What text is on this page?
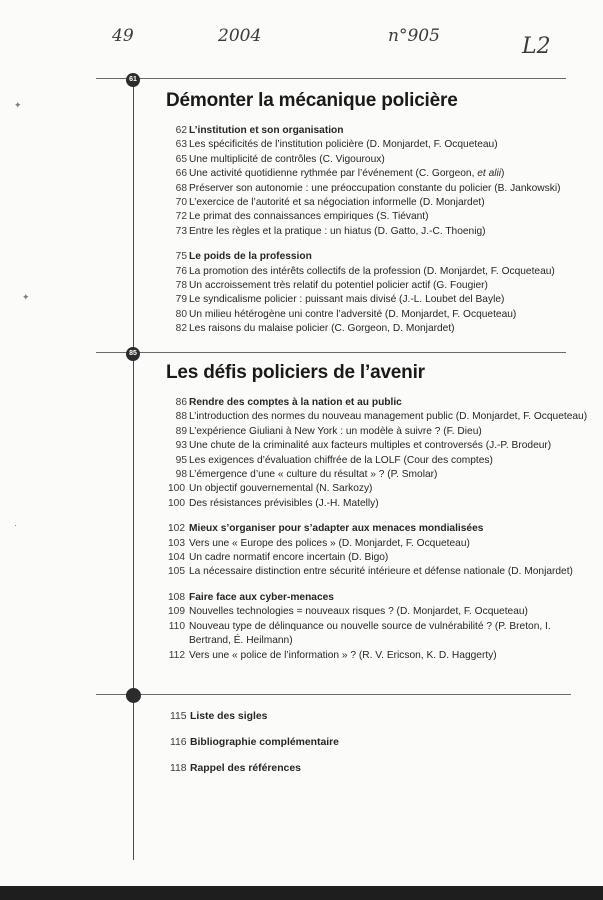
49	2004	n°905	L2
61
85
✦
✦
·
Démonter la mécanique policière
62 L’institution et son organisation
63 Les spécificités de l’institution policière (D. Monjardet, F. Ocqueteau)
65 Une multiplicité de contrôles (C. Vigouroux)
66 Une activité quotidienne rythmée par l’événement (C. Gorgeon, et alii)
68 Préserver son autonomie : une préoccupation constante du policier (B. Jankowski)
70 L’exercice de l’autorité et sa négociation informelle (D. Monjardet)
72 Le primat des connaissances empiriques (S. Tiévant)
73 Entre les règles et la pratique : un hiatus (D. Gatto, J.-C. Thoenig)
75 Le poids de la profession
76 La promotion des intérêts collectifs de la profession (D. Monjardet, F. Ocqueteau)
78 Un accroissement très relatif du potentiel policier actif (G. Fougier)
79 Le syndicalisme policier : puissant mais divisé (J.-L. Loubet del Bayle)
80 Un milieu hétérogène uni contre l’adversité (D. Monjardet, F. Ocqueteau)
82 Les raisons du malaise policier (C. Gorgeon, D. Monjardet)
Les défis policiers de l’avenir
86 Rendre des comptes à la nation et au public
88 L’introduction des normes du nouveau management public (D. Monjardet, F. Ocqueteau)
89 L’expérience Giuliani à New York : un modèle à suivre ? (F. Dieu)
93 Une chute de la criminalité aux facteurs multiples et controversés (J.-P. Brodeur)
95 Les exigences d’évaluation chiffrée de la LOLF (Cour des comptes)
98 L’émergence d’une « culture du résultat » ? (P. Smolar)
100 Un objectif gouvernemental (N. Sarkozy)
100 Des résistances prévisibles (J.-H. Matelly)
102 Mieux s’organiser pour s’adapter aux menaces mondialisées
103 Vers une « Europe des polices » (D. Monjardet, F. Ocqueteau)
104 Un cadre normatif encore incertain (D. Bigo)
105 La nécessaire distinction entre sécurité intérieure et défense nationale (D. Monjardet)
108 Faire face aux cyber-menaces
109 Nouvelles technologies = nouveaux risques ? (D. Monjardet, F. Ocqueteau)
110 Nouveau type de délinquance ou nouvelle source de vulnérabilité ? (P. Breton, I. Bertrand, É. Heilmann)
112 Vers une « police de l’information » ? (R. V. Ericson, K. D. Haggerty)
115 Liste des sigles
116 Bibliographie complémentaire
118 Rappel des références
